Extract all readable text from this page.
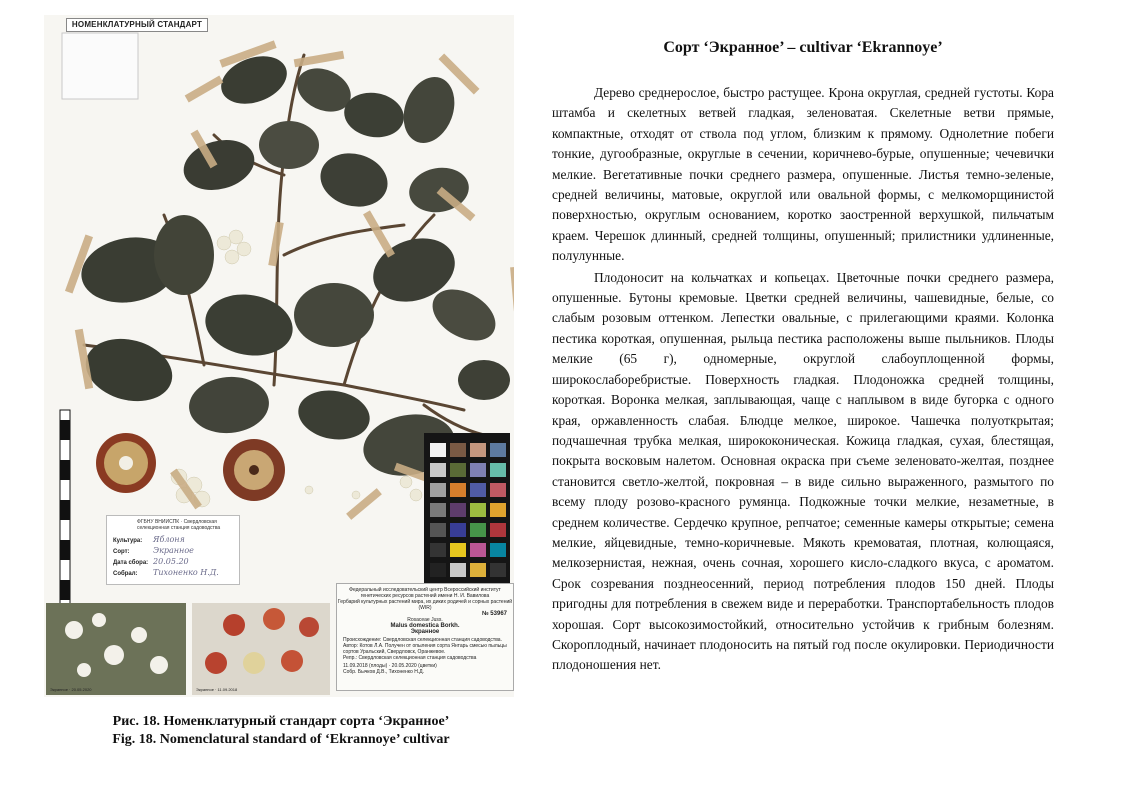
НОМЕНКЛАТУРНЫЙ СТАНДАРТ
ФГБНУ ВНИИСПК · Свердловская селекционная станция садоводства
Культура: Яблоня
Сорт:	Экранное
Дата сбора: 20.05.20
Собрал: Тихоненко Н.Д.
Федеральный исследовательский центр Всероссийский институт генетических ресурсов растений имени Н. И. Вавилова
Гербарий культурных растений мира, их диких родичей и сорных растений (WIR)
№ 53967
Rosaceae Juss.
Malus domestica Borkh.
Экранное
Происхождение: Свердловская селекционная станция садоводства. Автор: Котов Л.А. Получен от опыления сорта Янтарь смесью пыльцы сортов Уральский, Свердловск, Оранжевое.
Репр.: Свердловская селекционная станция садоводства
11.09.2018 (плоды) · 20.05.2020 (цветки)
Собр. Бычков Д.В., Тихоненко Н.Д.
Экранное · 20.05.2020	Экранное · 11.09.2018
Рис. 18. Номенклатурный стандарт сорта ‘Экранное’
Fig. 18. Nomenclatural standard of ‘Ekrannoye’ cultivar
Сорт ‘Экранное’ – cultivar ‘Ekrannoye’

Дерево среднерослое, быстро растущее. Крона округлая, средней густоты. Кора штамба и скелетных ветвей гладкая, зеленоватая. Скелетные ветви прямые, компактные, отходят от ствола под углом, близким к прямому. Однолетние побеги тонкие, дугообразные, округлые в сечении, коричнево-бурые, опушенные; чечевички мелкие. Вегетативные почки среднего размера, опушенные. Листья темно-зеленые, средней величины, матовые, округлой или овальной формы, с мелкоморщинистой поверхностью, округлым основанием, коротко заостренной верхушкой, пильчатым краем. Черешок длинный, средней толщины, опушенный; прилистники удлиненные, полулунные.

Плодоносит на кольчатках и копьецах. Цветочные почки среднего размера, опушенные. Бутоны кремовые. Цветки средней величины, чашевидные, белые, со слабым розовым оттенком. Лепестки овальные, с прилегающими краями. Колонка пестика короткая, опушенная, рыльца пестика расположены выше пыльников. Плоды мелкие (65 г), одномерные, округлой слабоуплощенной формы, широкослаборебристые. Поверхность гладкая. Плодоножка средней толщины, короткая. Воронка мелкая, заплывающая, чаще с наплывом в виде бугорка с одного края, оржавленность слабая. Блюдце мелкое, широкое. Чашечка полуоткрытая; подчашечная трубка мелкая, ширококоническая. Кожица гладкая, сухая, блестящая, покрыта восковым налетом. Основная окраска при съеме зеленовато-желтая, позднее становится светло-желтой, покровная – в виде сильно выраженного, размытого по всему плоду розово-красного румянца. Подкожные точки мелкие, незаметные, в среднем количестве. Сердечко крупное, репчатое; семенные камеры открытые; семена мелкие, яйцевидные, темно-коричневые. Мякоть кремоватая, плотная, колющаяся, мелкозернистая, нежная, очень сочная, хорошего кисло-сладкого вкуса, с ароматом. Срок созревания позднеосенний, период потребления плодов 150 дней. Плоды пригодны для потребления в свежем виде и переработки. Транспортабельность плодов хорошая. Сорт высокозимостойкий, относительно устойчив к грибным болезням. Скороплодный, начинает плодоносить на пятый год после окулировки. Периодичности плодоношения нет.
